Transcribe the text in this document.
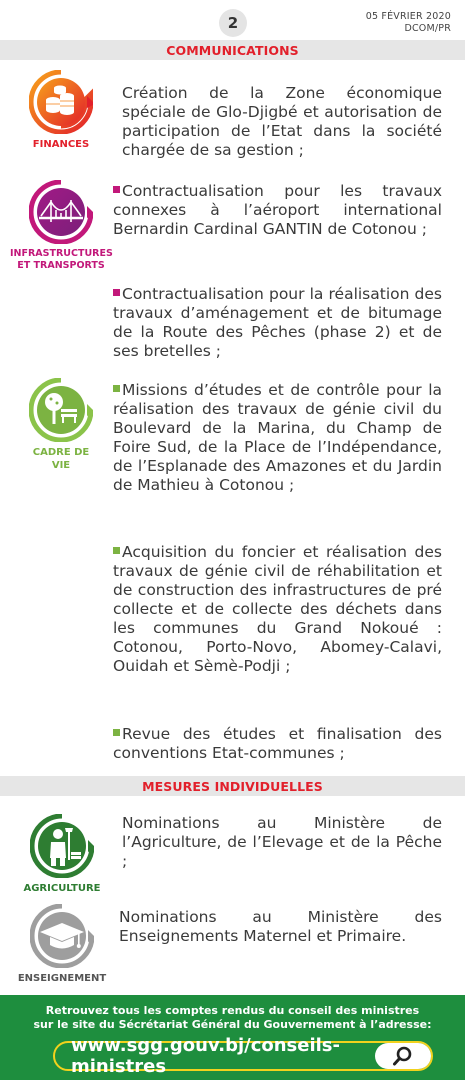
2	05 FÉVRIER 2020
DCOM/PR
COMMUNICATIONS
FINANCES
Création de la Zone économique spéciale de Glo-Djigbé et autorisation de participation de l’Etat dans la société chargée de sa gestion ;
INFRASTRUCTURES
ET TRANSPORTS
Contractualisation pour les travaux connexes à l’aéroport international Bernardin Cardinal GANTIN de Cotonou ;
Contractualisation pour la réalisation des travaux d’aménagement et de bitumage de la Route des Pêches (phase 2) et de ses bretelles ;
CADRE DE
VIE
Missions d’études et de contrôle pour la réalisation des travaux de génie civil du Boulevard de la Marina, du Champ de Foire Sud, de la Place de l’Indépendance, de l’Esplanade des Amazones et du Jardin de Mathieu à Cotonou ;
Acquisition du foncier et réalisation des travaux de génie civil de réhabilitation et de construction des infrastructures de pré collecte et de collecte des déchets dans les communes du Grand Nokoué : Cotonou, Porto-Novo, Abomey-Calavi, Ouidah et Sèmè-Podji ;
Revue des études et finalisation des conventions Etat-communes ;
MESURES INDIVIDUELLES
AGRICULTURE
Nominations au Ministère de l’Agriculture, de l’Elevage et de la Pêche ;
ENSEIGNEMENT
Nominations au Ministère des Enseignements Maternel et Primaire.
Retrouvez tous les comptes rendus du conseil des ministres
sur le site du Sécrétariat Général du Gouvernement à l’adresse:
www.sgg.gouv.bj/conseils-ministres
